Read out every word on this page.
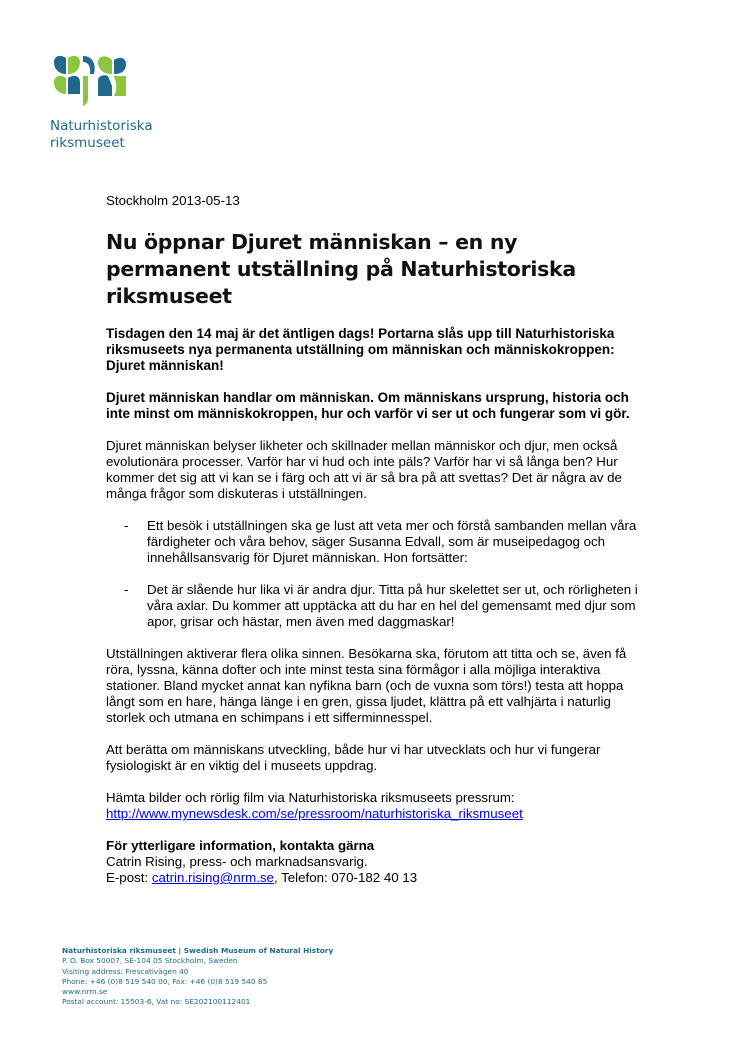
Naturhistoriska
riksmuseet

Stockholm 2013-05-13

Nu öppnar Djuret människan – en ny permanent utställning på Naturhistoriska riksmuseet

Tisdagen den 14 maj är det äntligen dags! Portarna slås upp till Naturhistoriska riksmuseets nya permanenta utställning om människan och människokroppen: Djuret människan!

Djuret människan handlar om människan. Om människans ursprung, historia och inte minst om människokroppen, hur och varför vi ser ut och fungerar som vi gör.

Djuret människan belyser likheter och skillnader mellan människor och djur, men också evolutionära processer. Varför har vi hud och inte päls? Varför har vi så långa ben? Hur kommer det sig att vi kan se i färg och att vi är så bra på att svettas? Det är några av de många frågor som diskuteras i utställningen.

- Ett besök i utställningen ska ge lust att veta mer och förstå sambanden mellan våra färdigheter och våra behov, säger Susanna Edvall, som är museipedagog och innehållsansvarig för Djuret människan. Hon fortsätter:
- Det är slående hur lika vi är andra djur. Titta på hur skelettet ser ut, och rörligheten i våra axlar. Du kommer att upptäcka att du har en hel del gemensamt med djur som apor, grisar och hästar, men även med daggmaskar!

Utställningen aktiverar flera olika sinnen. Besökarna ska, förutom att titta och se, även få röra, lyssna, känna dofter och inte minst testa sina förmågor i alla möjliga interaktiva stationer. Bland mycket annat kan nyfikna barn (och de vuxna som törs!) testa att hoppa långt som en hare, hänga länge i en gren, gissa ljudet, klättra på ett valhjärta i naturlig storlek och utmana en schimpans i ett sifferminnesspel.

Att berätta om människans utveckling, både hur vi har utvecklats och hur vi fungerar fysiologiskt är en viktig del i museets uppdrag.

Hämta bilder och rörlig film via Naturhistoriska riksmuseets pressrum:
http://www.mynewsdesk.com/se/pressroom/naturhistoriska_riksmuseet

För ytterligare information, kontakta gärna

Catrin Rising, press- och marknadsansvarig.

E-post: catrin.rising@nrm.se, Telefon: 070-182 40 13

Naturhistoriska riksmuseet | Swedish Museum of Natural History
P. O. Box 50007, SE-104 05 Stockholm, Sweden
Visiting address: Frescativägen 40
Phone: +46 (0)8 519 540 00, Fax: +46 (0)8 519 540 85
www.nrm.se
Postal account: 15503-6, Vat no: SE202100112401
